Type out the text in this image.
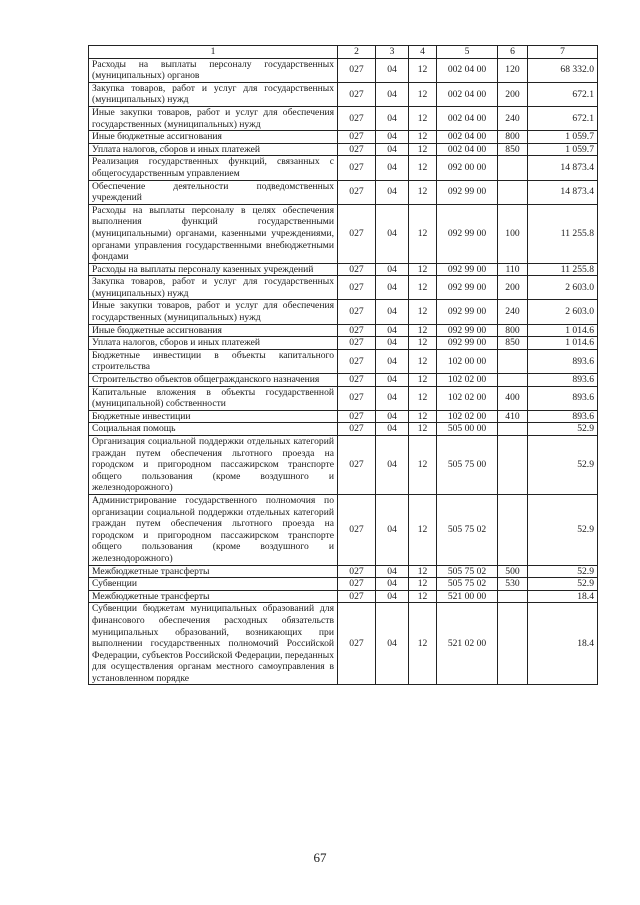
1	2	3	4	5	6	7
Расходы на выплаты персоналу государственных (муниципальных) органов	027	04	12	002 04 00	120	68 332.0
Закупка товаров, работ и услуг для государственных (муниципальных) нужд	027	04	12	002 04 00	200	672.1
Иные закупки товаров, работ и услуг для обеспечения государственных (муниципальных) нужд	027	04	12	002 04 00	240	672.1
Иные бюджетные ассигнования	027	04	12	002 04 00	800	1 059.7
Уплата налогов, сборов и иных платежей	027	04	12	002 04 00	850	1 059.7
Реализация государственных функций, связанных с общегосударственным управлением	027	04	12	092 00 00		14 873.4
Обеспечение деятельности подведомственных учреждений	027	04	12	092 99 00		14 873.4
Расходы на выплаты персоналу в целях обеспечения выполнения функций государственными (муниципальными) органами, казенными учреждениями, органами управления государственными внебюджетными фондами	027	04	12	092 99 00	100	11 255.8
Расходы на выплаты персоналу казенных учреждений	027	04	12	092 99 00	110	11 255.8
Закупка товаров, работ и услуг для государственных (муниципальных) нужд	027	04	12	092 99 00	200	2 603.0
Иные закупки товаров, работ и услуг для обеспечения государственных (муниципальных) нужд	027	04	12	092 99 00	240	2 603.0
Иные бюджетные ассигнования	027	04	12	092 99 00	800	1 014.6
Уплата налогов, сборов и иных платежей	027	04	12	092 99 00	850	1 014.6
Бюджетные инвестиции в объекты капитального строительства	027	04	12	102 00 00		893.6
Строительство объектов общегражданского назначения	027	04	12	102 02 00		893.6
Капитальные вложения в объекты государственной (муниципальной) собственности	027	04	12	102 02 00	400	893.6
Бюджетные инвестиции	027	04	12	102 02 00	410	893.6
Социальная помощь	027	04	12	505 00 00		52.9
Организация социальной поддержки отдельных категорий граждан путем обеспечения льготного проезда на городском и пригородном пассажирском транспорте общего пользования (кроме воздушного и железнодорожного)	027	04	12	505 75 00		52.9
Администрирование государственного полномочия по организации социальной поддержки отдельных категорий граждан путем обеспечения льготного проезда на городском и пригородном пассажирском транспорте общего пользования (кроме воздушного и железнодорожного)	027	04	12	505 75 02		52.9
Межбюджетные трансферты	027	04	12	505 75 02	500	52.9
Субвенции	027	04	12	505 75 02	530	52.9
Межбюджетные трансферты	027	04	12	521 00 00		18.4
Субвенции бюджетам муниципальных образований для финансового обеспечения расходных обязательств муниципальных образований, возникающих при выполнении государственных полномочий Российской Федерации, субъектов Российской Федерации, переданных для осуществления органам местного самоуправления в установленном порядке	027	04	12	521 02 00		18.4
67
